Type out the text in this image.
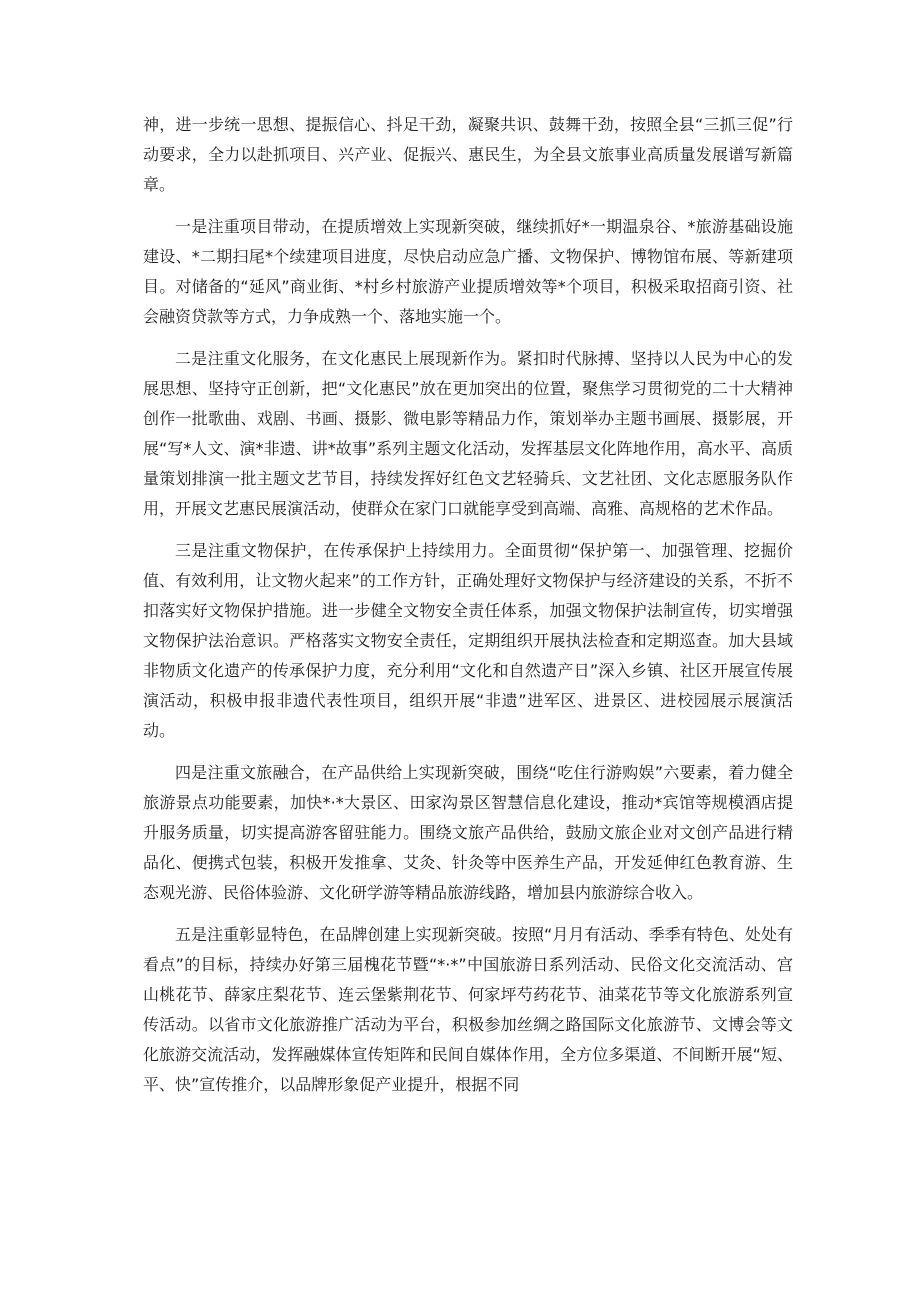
神，进一步统一思想、提振信心、抖足干劲，凝聚共识、鼓舞干劲，按照全县“三抓三促”行动要求，全力以赴抓项目、兴产业、促振兴、惠民生，为全县文旅事业高质量发展谱写新篇章。

一是注重项目带动，在提质增效上实现新突破，继续抓好*一期温泉谷、*旅游基础设施建设、*二期扫尾*个续建项目进度，尽快启动应急广播、文物保护、博物馆布展、等新建项目。对储备的“延风”商业街、*村乡村旅游产业提质增效等*个项目，积极采取招商引资、社会融资贷款等方式，力争成熟一个、落地实施一个。

二是注重文化服务，在文化惠民上展现新作为。紧扣时代脉搏、坚持以人民为中心的发展思想、坚持守正创新，把“文化惠民”放在更加突出的位置，聚焦学习贯彻党的二十大精神创作一批歌曲、戏剧、书画、摄影、微电影等精品力作，策划举办主题书画展、摄影展，开展“写*人文、演*非遗、讲*故事”系列主题文化活动，发挥基层文化阵地作用，高水平、高质量策划排演一批主题文艺节目，持续发挥好红色文艺轻骑兵、文艺社团、文化志愿服务队作用，开展文艺惠民展演活动，使群众在家门口就能享受到高端、高雅、高规格的艺术作品。

三是注重文物保护，在传承保护上持续用力。全面贯彻“保护第一、加强管理、挖掘价值、有效利用，让文物火起来”的工作方针，正确处理好文物保护与经济建设的关系，不折不扣落实好文物保护措施。进一步健全文物安全责任体系，加强文物保护法制宣传，切实增强文物保护法治意识。严格落实文物安全责任，定期组织开展执法检查和定期巡查。加大县域非物质文化遗产的传承保护力度，充分利用“文化和自然遗产日”深入乡镇、社区开展宣传展演活动，积极申报非遗代表性项目，组织开展“非遗”进军区、进景区、进校园展示展演活动。

四是注重文旅融合，在产品供给上实现新突破，围绕“吃住行游购娱”六要素，着力健全旅游景点功能要素，加快*·*大景区、田家沟景区智慧信息化建设，推动*宾馆等规模酒店提升服务质量，切实提高游客留驻能力。围绕文旅产品供给，鼓励文旅企业对文创产品进行精品化、便携式包装，积极开发推拿、艾灸、针灸等中医养生产品，开发延伸红色教育游、生态观光游、民俗体验游、文化研学游等精品旅游线路，增加县内旅游综合收入。

五是注重彰显特色，在品牌创建上实现新突破。按照“月月有活动、季季有特色、处处有看点”的目标，持续办好第三届槐花节暨“*·*”中国旅游日系列活动、民俗文化交流活动、宫山桃花节、薛家庄梨花节、连云堡紫荆花节、何家坪芍药花节、油菜花节等文化旅游系列宣传活动。以省市文化旅游推广活动为平台，积极参加丝绸之路国际文化旅游节、文博会等文化旅游交流活动，发挥融媒体宣传矩阵和民间自媒体作用，全方位多渠道、不间断开展“短、平、快”宣传推介，以品牌形象促产业提升，根据不同
